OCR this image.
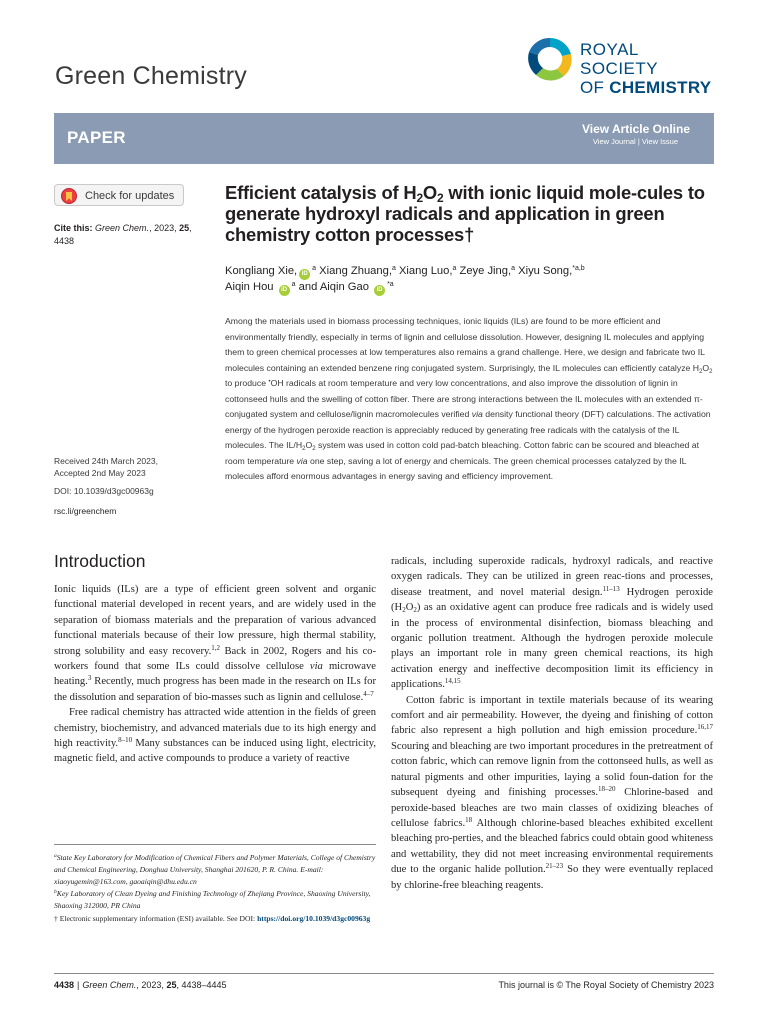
Green Chemistry
ROYAL SOCIETY
OF CHEMISTRY
PAPER	View Article Online
View Journal | View Issue
Check for updates
Cite this: Green Chem., 2023, 25, 4438
Received 24th March 2023,
Accepted 2nd May 2023
DOI: 10.1039/d3gc00963g
rsc.li/greenchem
Efficient catalysis of $H_2O_2$ with ionic liquid mole-cules to generate hydroxyl radicals and application in green chemistry cotton processes†
Kongliang Xie, $iD^a$ Xiang Zhuang,$^a$ Xiang Luo,$^a$ Zeye Jing,$^a$ Xiyu Song,$^{*a,b}$
Aiqin Hou $iD^a$ and Aiqin Gao $iD^{*a}$
Among the materials used in biomass processing techniques, ionic liquids (ILs) are found to be more efficient and environmentally friendly, especially in terms of lignin and cellulose dissolution. However, designing IL molecules and applying them to green chemical processes at low temperatures also remains a grand challenge. Here, we design and fabricate two IL molecules containing an extended benzene ring conjugated system. Surprisingly, the IL molecules can efficiently catalyze $H_2O_2$ to produce •OH radicals at room temperature and very low concentrations, and also improve the dissolution of lignin in cottonseed hulls and the swelling of cotton fiber. There are strong interactions between the IL molecules with an extended π-conjugated system and cellulose/lignin macromolecules verified via density functional theory (DFT) calculations. The activation energy of the hydrogen peroxide reaction is appreciably reduced by generating free radicals with the catalysis of the IL molecules. The $IL/H_2O_2$ system was used in cotton cold pad-batch bleaching. Cotton fabric can be scoured and bleached at room temperature via one step, saving a lot of energy and chemicals. The green chemical processes catalyzed by the IL molecules afford enormous advantages in energy saving and efficiency improvement.
Introduction

Ionic liquids (ILs) are a type of efficient green solvent and organic functional material developed in recent years, and are widely used in the separation of biomass materials and the preparation of various advanced functional materials because of their low pressure, high thermal stability, strong solubility and easy recovery.$^{1,2}$ Back in 2002, Rogers and his co-workers found that some ILs could dissolve cellulose via microwave heating.$^3$ Recently, much progress has been made in the research on ILs for the dissolution and separation of bio-masses such as lignin and cellulose.$^{4-7}$

Free radical chemistry has attracted wide attention in the fields of green chemistry, biochemistry, and advanced materials due to its high energy and high reactivity.$^{8-10}$ Many substances can be induced using light, electricity, magnetic field, and active compounds to produce a variety of reactive

radicals, including superoxide radicals, hydroxyl radicals, and reactive oxygen radicals. They can be utilized in green reac-tions and processes, disease treatment, and novel material design.$^{11-13}$ Hydrogen peroxide $(H_2O_2)$ as an oxidative agent can produce free radicals and is widely used in the process of environmental disinfection, biomass bleaching and organic pollution treatment. Although the hydrogen peroxide molecule plays an important role in many green chemical reactions, its high activation energy and ineffective decomposition limit its efficiency in applications.$^{14,15}$

Cotton fabric is important in textile materials because of its wearing comfort and air permeability. However, the dyeing and finishing of cotton fabric also represent a high pollution and high emission procedure.$^{16,17}$ Scouring and bleaching are two important procedures in the pretreatment of cotton fabric, which can remove lignin from the cottonseed hulls, as well as natural pigments and other impurities, laying a solid foun-dation for the subsequent dyeing and finishing processes.$^{18-20}$ Chlorine-based and peroxide-based bleaches are two main classes of oxidizing bleaches of cellulose fabrics.$^{18}$ Although chlorine-based bleaches exhibited excellent bleaching pro-perties, and the bleached fabrics could obtain good whiteness and wettability, they did not meet increasing environmental requirements due to the organic halide pollution.$^{21-23}$ So they were eventually replaced by chlorine-free bleaching reagents.

$^a$State Key Laboratory for Modification of Chemical Fibers and Polymer Materials, College of Chemistry and Chemical Engineering, Donghua University, Shanghai 201620, P. R. China. E-mail: xiaoyugemin@163.com, gaoaiqin@dhu.edu.cn
$^b$Key Laboratory of Clean Dyeing and Finishing Technology of Zhejiang Province, Shaoxing University, Shaoxing 312000, PR China
† Electronic supplementary information (ESI) available. See DOI: https://doi.org/10.1039/d3gc00963g
4438 | Green Chem., 2023, 25, 4438–4445	This journal is © The Royal Society of Chemistry 2023
